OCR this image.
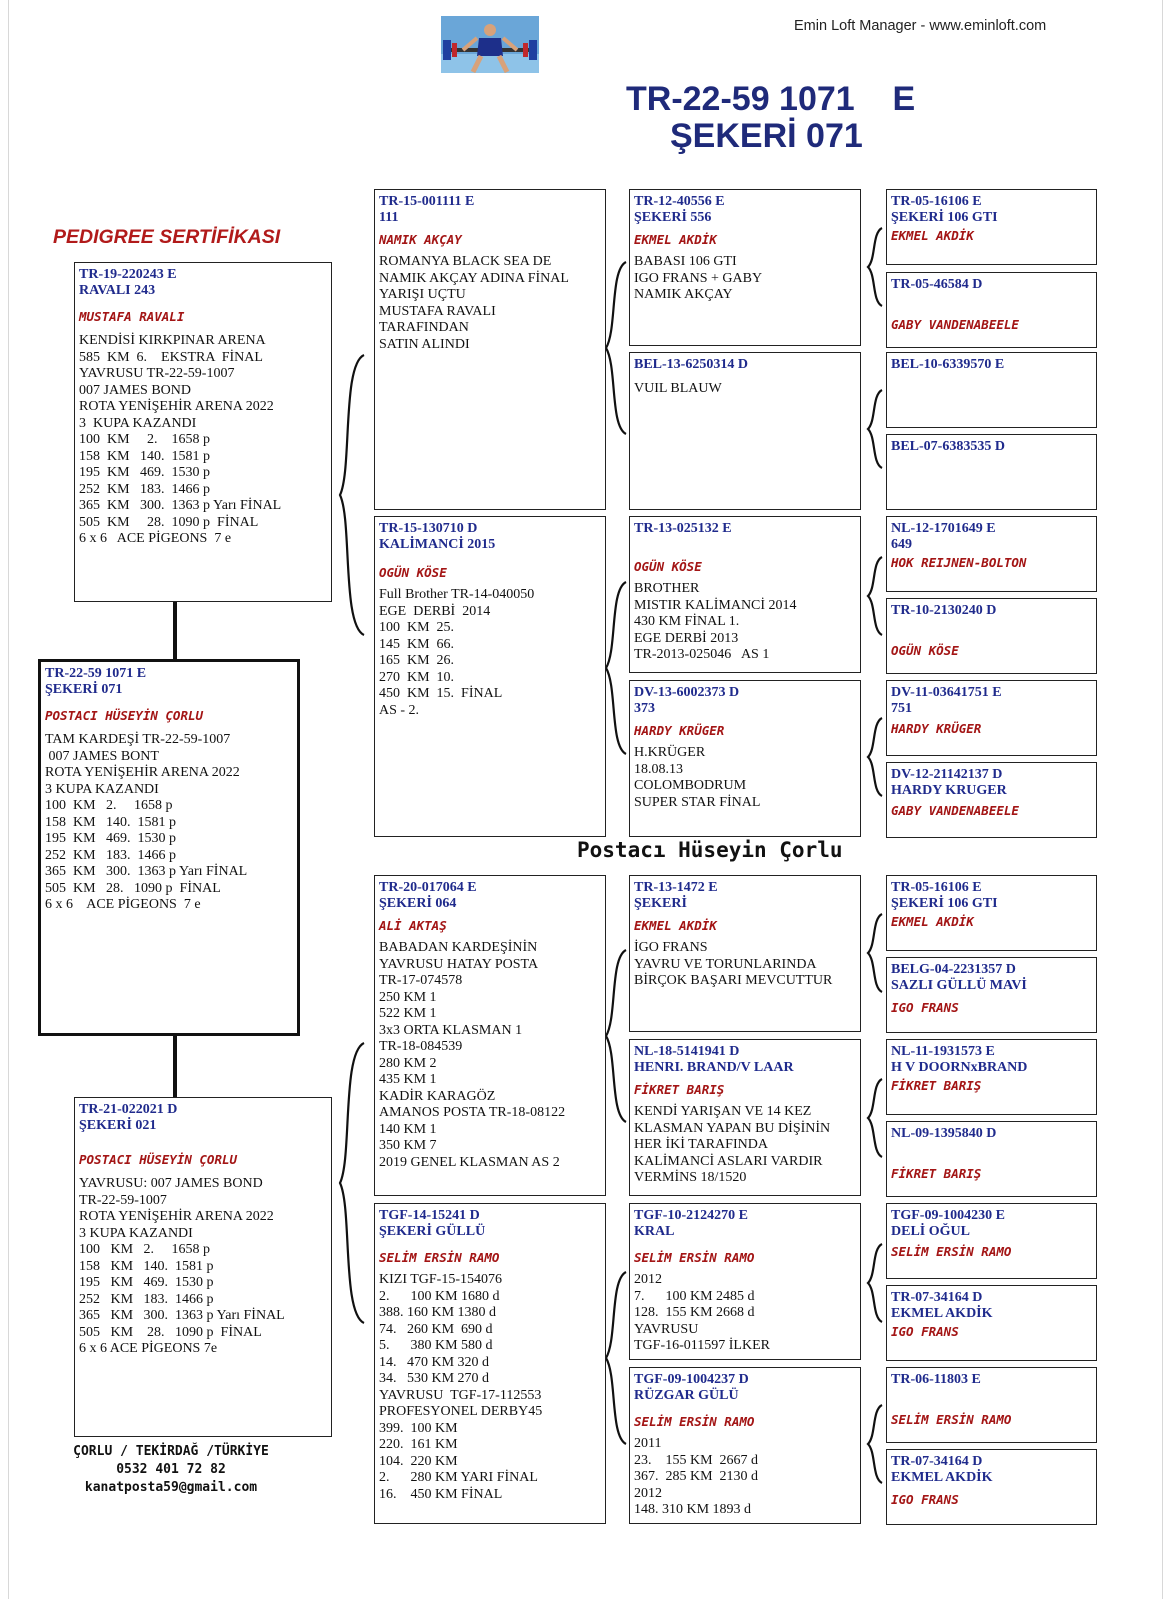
Emin Loft Manager - www.eminloft.com
TR-22-59 1071    E
ŞEKERİ 071
PEDIGREE SERTİFİKASI
Postacı Hüseyin Çorlu
ÇORLU / TEKİRDAĞ /TÜRKİYE
0532 401 72 82
kanatposta59@gmail.com
TR-22-59 1071 E
ŞEKERİ 071
POSTACI HÜSEYİN ÇORLU
TAM KARDEŞİ TR-22-59-1007
007 JAMES BONT
ROTA YENİŞEHİR ARENA 2022
3 KUPA KAZANDI
100  KM   2.     1658 p
158  KM   140.  1581 p
195  KM   469.  1530 p
252  KM   183.  1466 p
365  KM   300.  1363 p Yarı FİNAL
505  KM   28.   1090 p  FİNAL
6 x 6    ACE PİGEONS  7 e
TR-19-220243 E
RAVALI 243
MUSTAFA RAVALI
KENDİSİ KIRKPINAR ARENA
585  KM  6.    EKSTRA  FİNAL
YAVRUSU TR-22-59-1007
007 JAMES BOND
ROTA YENİŞEHİR ARENA 2022
3  KUPA KAZANDI
100  KM     2.    1658 p
158  KM   140.  1581 p
195  KM   469.  1530 p
252  KM   183.  1466 p
365  KM   300.  1363 p Yarı FİNAL
505  KM     28.  1090 p  FİNAL
6 x 6   ACE PİGEONS  7 e
TR-21-022021 D
ŞEKERİ 021
POSTACI HÜSEYİN ÇORLU
YAVRUSU: 007 JAMES BOND
TR-22-59-1007
ROTA YENİŞEHİR ARENA 2022
3 KUPA KAZANDI
100   KM   2.     1658 p
158   KM   140.  1581 p
195   KM   469.  1530 p
252   KM   183.  1466 p
365   KM   300.  1363 p Yarı FİNAL
505   KM    28.   1090 p  FİNAL
6 x 6 ACE PİGEONS 7e
TR-15-001111 E
111
NAMIK AKÇAY
ROMANYA BLACK SEA DE
NAMIK AKÇAY ADINA FİNAL
YARIŞI UÇTU
MUSTAFA RAVALI
TARAFINDAN
SATIN ALINDI
TR-15-130710 D
KALİMANCİ 2015
OGÜN KÖSE
Full Brother TR-14-040050
EGE  DERBİ  2014
100  KM  25.
145  KM  66.
165  KM  26.
270  KM  10.
450  KM  15.  FİNAL
AS - 2.
TR-20-017064 E
ŞEKERİ 064
ALİ AKTAŞ
BABADAN KARDEŞİNİN
YAVRUSU HATAY POSTA
TR-17-074578
250 KM 1
522 KM 1
3x3 ORTA KLASMAN 1
TR-18-084539
280 KM 2
435 KM 1
KADİR KARAGÖZ
AMANOS POSTA TR-18-08122
140 KM 1
350 KM 7
2019 GENEL KLASMAN AS 2
TGF-14-15241 D
ŞEKERİ GÜLLÜ
SELİM ERSİN RAMO
KIZI TGF-15-154076
2.      100 KM 1680 d
388. 160 KM 1380 d
74.   260 KM  690 d
5.      380 KM 580 d
14.   470 KM 320 d
34.   530 KM 270 d
YAVRUSU  TGF-17-112553
PROFESYONEL DERBY45
399.  100 KM
220.  161 KM
104.  220 KM
2.      280 KM YARI FİNAL
16.    450 KM FİNAL
TR-12-40556 E
ŞEKERİ 556
EKMEL AKDİK
BABASI 106 GTI
IGO FRANS + GABY
NAMIK AKÇAY
BEL-13-6250314 D
VUIL BLAUW
TR-13-025132 E
OGÜN KÖSE
BROTHER
MISTIR KALİMANCİ 2014
430 KM FİNAL 1.
EGE DERBİ 2013
TR-2013-025046   AS 1
DV-13-6002373 D
373
HARDY KRÜGER
H.KRÜGER
18.08.13
COLOMBODRUM
SUPER STAR FİNAL
TR-13-1472 E
ŞEKERİ
EKMEL AKDİK
İGO FRANS
YAVRU VE TORUNLARINDA
BİRÇOK BAŞARI MEVCUTTUR
NL-18-5141941 D
HENRI. BRAND/V LAAR
FİKRET BARIŞ
KENDİ YARIŞAN VE 14 KEZ
KLASMAN YAPAN BU DİŞİNİN
HER İKİ TARAFINDA
KALİMANCİ ASLARI VARDIR
VERMİNS 18/1520
TGF-10-2124270 E
KRAL
SELİM ERSİN RAMO
2012
7.      100 KM 2485 d
128.  155 KM 2668 d
YAVRUSU
TGF-16-011597 İLKER
TGF-09-1004237 D
RÜZGAR GÜLÜ
SELİM ERSİN RAMO
2011
23.    155 KM  2667 d
367.  285 KM  2130 d
2012
148. 310 KM 1893 d
TR-05-16106 E
ŞEKERİ 106 GTI
EKMEL AKDİK
TR-05-46584 D
GABY VANDENABEELE
BEL-10-6339570 E
BEL-07-6383535 D
NL-12-1701649 E
649
HOK REIJNEN-BOLTON
TR-10-2130240 D
OGÜN KÖSE
DV-11-03641751 E
751
HARDY KRÜGER
DV-12-21142137 D
HARDY KRUGER
GABY VANDENABEELE
TR-05-16106 E
ŞEKERİ 106 GTI
EKMEL AKDİK
BELG-04-2231357 D
SAZLI GÜLLÜ MAVİ
IGO FRANS
NL-11-1931573 E
H V DOORNxBRAND
FİKRET BARIŞ
NL-09-1395840 D
FİKRET BARIŞ
TGF-09-1004230 E
DELİ OĞUL
SELİM ERSİN RAMO
TR-07-34164 D
EKMEL AKDİK
IGO FRANS
TR-06-11803 E
SELİM ERSİN RAMO
TR-07-34164 D
EKMEL AKDİK
IGO FRANS
